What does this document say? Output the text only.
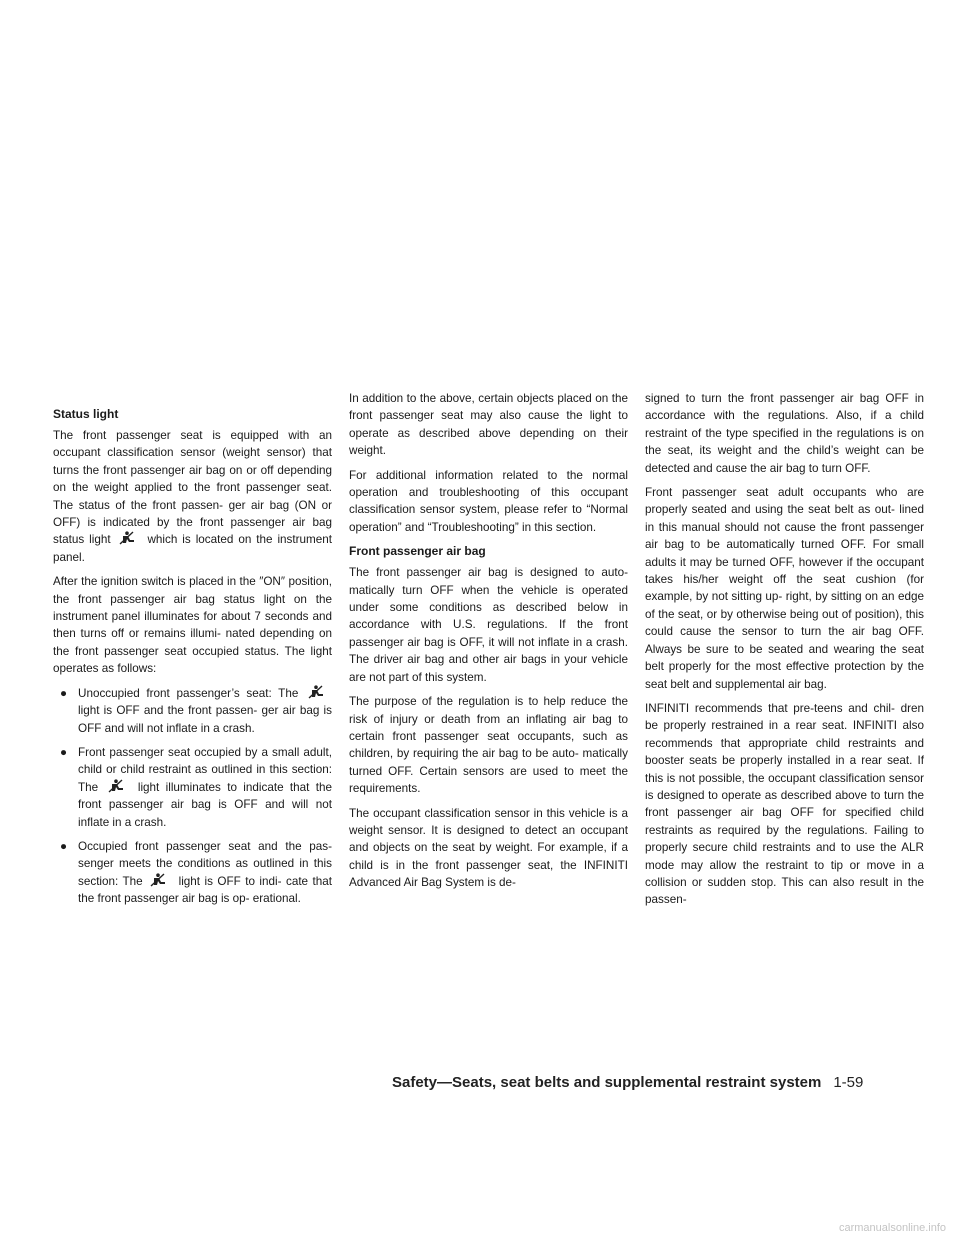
Status light

The front passenger seat is equipped with an occupant classification sensor (weight sensor) that turns the front passenger air bag on or off depending on the weight applied to the front passenger seat. The status of the front passen- ger air bag (ON or OFF) is indicated by the front passenger air bag status light	which is located on the instrument panel.

After the ignition switch is placed in the ″ON″ position, the front passenger air bag status light on the instrument panel illuminates for about 7 seconds and then turns off or remains illumi- nated depending on the front passenger seat occupied status. The light operates as follows:

● Unoccupied front passenger’s seat: The
light is OFF and the front passen- ger air bag is OFF and will not inflate in a crash.
● Front passenger seat occupied by a small adult, child or child restraint as outlined in this section: The	light illuminates to indicate that the front passenger air bag is OFF and will not inflate in a crash.
● Occupied front passenger seat and the pas- senger meets the conditions as outlined in this section: The	light is OFF to indi- cate that the front passenger air bag is op- erational.

In addition to the above, certain objects placed on the front passenger seat may also cause the light to operate as described above depending on their weight.

For additional information related to the normal operation and troubleshooting of this occupant classification sensor system, please refer to “Normal operation” and “Troubleshooting” in this section.

Front passenger air bag

The front passenger air bag is designed to auto- matically turn OFF when the vehicle is operated under some conditions as described below in accordance with U.S. regulations. If the front passenger air bag is OFF, it will not inflate in a crash. The driver air bag and other air bags in your vehicle are not part of this system.

The purpose of the regulation is to help reduce the risk of injury or death from an inflating air bag to certain front passenger seat occupants, such as children, by requiring the air bag to be auto- matically turned OFF. Certain sensors are used to meet the requirements.

The occupant classification sensor in this vehicle is a weight sensor. It is designed to detect an occupant and objects on the seat by weight. For example, if a child is in the front passenger seat, the INFINITI Advanced Air Bag System is de-

signed to turn the front passenger air bag OFF in accordance with the regulations. Also, if a child restraint of the type specified in the regulations is on the seat, its weight and the child’s weight can be detected and cause the air bag to turn OFF.

Front passenger seat adult occupants who are properly seated and using the seat belt as out- lined in this manual should not cause the front passenger air bag to be automatically turned OFF. For small adults it may be turned OFF, however if the occupant takes his/her weight off the seat cushion (for example, by not sitting up- right, by sitting on an edge of the seat, or by otherwise being out of position), this could cause the sensor to turn the air bag OFF. Always be sure to be seated and wearing the seat belt properly for the most effective protection by the seat belt and supplemental air bag.

INFINITI recommends that pre-teens and chil- dren be properly restrained in a rear seat. INFINITI also recommends that appropriate child restraints and booster seats be properly installed in a rear seat. If this is not possible, the occupant classification sensor is designed to operate as described above to turn the front passenger air bag OFF for specified child restraints as required by the regulations. Failing to properly secure child restraints and to use the ALR mode may allow the restraint to tip or move in a collision or sudden stop. This can also result in the passen-

Safety—Seats, seat belts and supplemental restraint system 1-59
carmanualsonline.info
